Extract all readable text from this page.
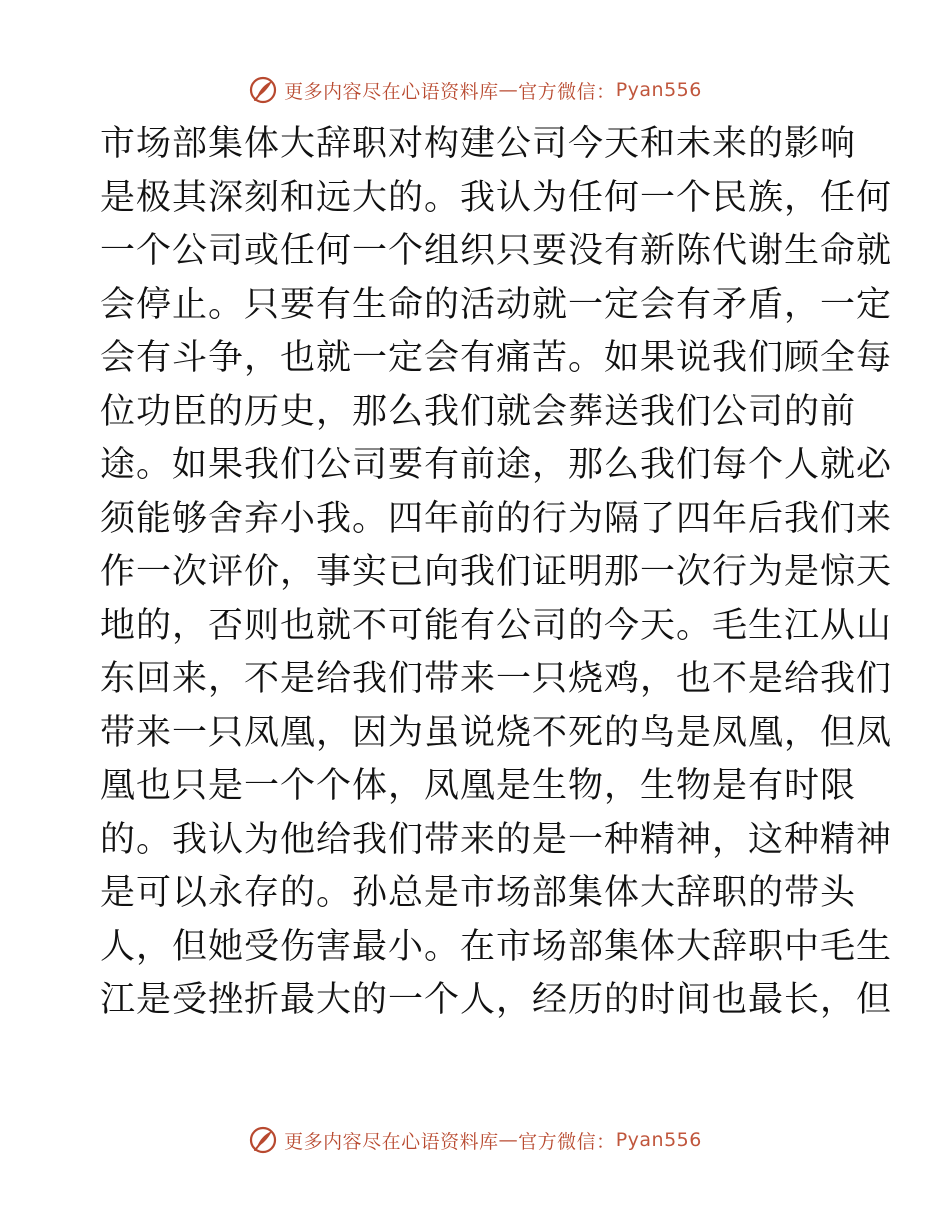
更多内容尽在心语资料库 — 官方微信： Pyan556
市场部集体大辞职对构建公司今天和未来的影响
是极其深刻和远大的。我认为任何一个民族，任何
一个公司或任何一个组织只要没有新陈代谢生命就
会停止。只要有生命的活动就一定会有矛盾，一定
会有斗争，也就一定会有痛苦。如果说我们顾全每
位功臣的历史，那么我们就会葬送我们公司的前
途。如果我们公司要有前途，那么我们每个人就必
须能够舍弃小我。四年前的行为隔了四年后我们来
作一次评价，事实已向我们证明那一次行为是惊天
地的，否则也就不可能有公司的今天。毛生江从山
东回来，不是给我们带来一只烧鸡，也不是给我们
带来一只凤凰，因为虽说烧不死的鸟是凤凰，但凤
凰也只是一个个体，凤凰是生物，生物是有时限
的。我认为他给我们带来的是一种精神，这种精神
是可以永存的。孙总是市场部集体大辞职的带头
人，但她受伤害最小。在市场部集体大辞职中毛生
江是受挫折最大的一个人，经历的时间也最长，但
更多内容尽在心语资料库 — 官方微信： Pyan556
